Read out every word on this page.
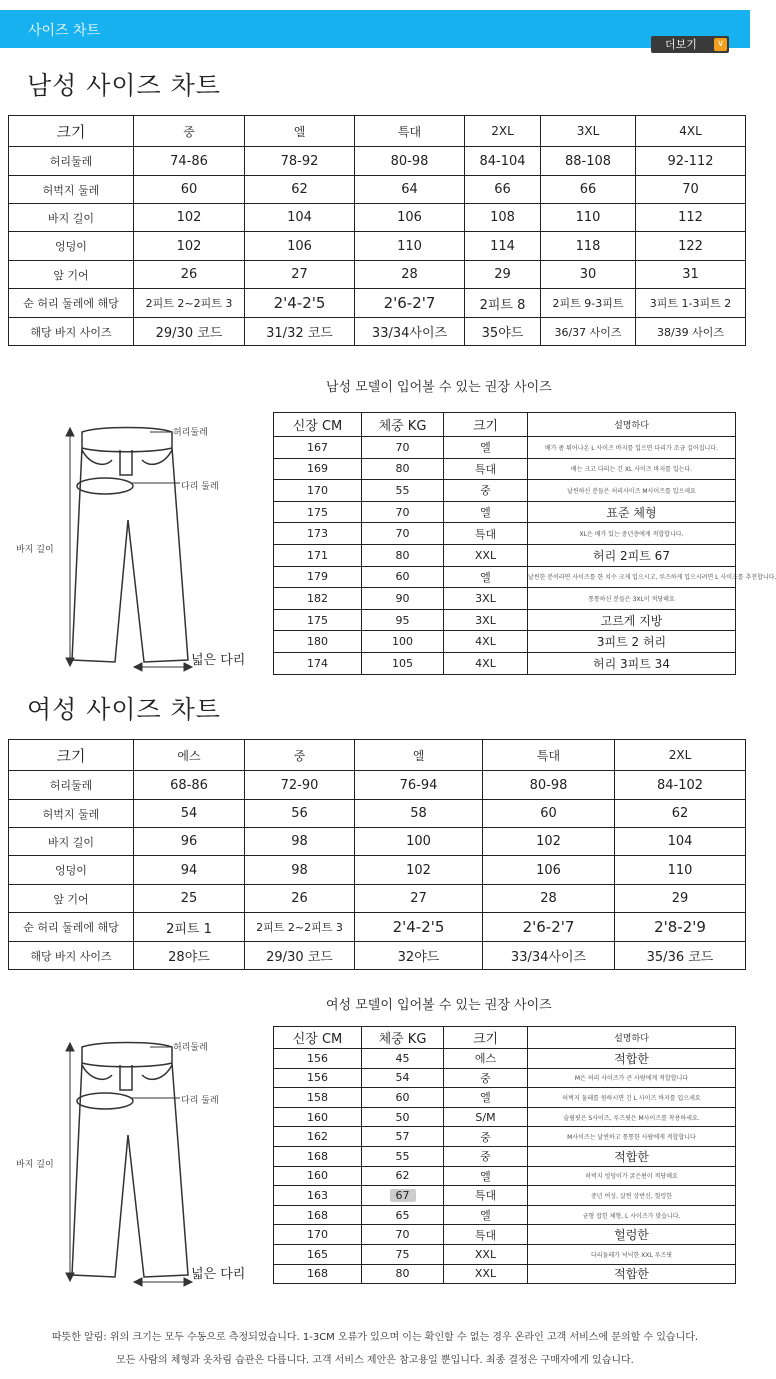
사이즈 차트
더보기	∨
남성 사이즈 차트
크기	중	엘	특대	2XL	3XL	4XL
허리둘레	74-86	78-92	80-98	84-104	88-108	92-112
허벅지 둘레	60	62	64	66	66	70
바지 길이	102	104	106	108	110	112
엉덩이	102	106	110	114	118	122
앞 기어	26	27	28	29	30	31
순 허리 둘레에 해당	2피트 2~2피트 3	2'4-2'5	2'6-2'7	2피트 8	2피트 9-3피트	3피트 1-3피트 2
해당 바지 사이즈	29/30 코드	31/32 코드	33/34사이즈	35야드	36/37 사이즈	38/39 사이즈
남성 모델이 입어볼 수 있는 권장 사이즈
허리둘레
다리 둘레
바지 길이
넓은 다리
신장 CM	체중 KG	크기	설명하다
167	70	엘	배가 좀 튀어나온 L 사이즈 바지를 입으면 다리가 조금 길어집니다.
169	80	특대	배는 크고 다리는 긴 XL 사이즈 바지를 입는다.
170	55	중	날씬하신 분들은 허리사이즈 M사이즈를 입으세요
175	70	엘	표준 체형
173	70	특대	XL은 배가 있는 중년층에게 적합합니다.
171	80	XXL	허리 2피트 67
179	60	엘	날씬한 분이라면 사이즈를 한 치수 크게 입으시고, 루즈하게 입으시려면 L 사이즈를 추천합니다.
182	90	3XL	통통하신 분들은 3XL이 적당해요
175	95	3XL	고르게 지방
180	100	4XL	3피트 2 허리
174	105	4XL	허리 3피트 34
여성 사이즈 차트
크기	에스	중	엘	특대	2XL
허리둘레	68-86	72-90	76-94	80-98	84-102
허벅지 둘레	54	56	58	60	62
바지 길이	96	98	100	102	104
엉덩이	94	98	102	106	110
앞 기어	25	26	27	28	29
순 허리 둘레에 해당	2피트 1	2피트 2~2피트 3	2'4-2'5	2'6-2'7	2'8-2'9
해당 바지 사이즈	28야드	29/30 코드	32야드	33/34사이즈	35/36 코드
여성 모델이 입어볼 수 있는 권장 사이즈
허리둘레
다리 둘레
바지 길이
넓은 다리
신장 CM	체중 KG	크기	설명하다
156	45	에스	적합한
156	54	중	M은 허리 사이즈가 큰 사람에게 적합합니다
158	60	엘	허벅지 둘레를 원하시면 긴 L 사이즈 바지를 입으세요
160	50	S/M	슬림핏은 S사이즈, 루즈핏은 M사이즈를 착용하세요.
162	57	중	M사이즈는 날씬하고 통통한 사람에게 적합합니다
168	55	중	적합한
160	62	엘	허벅지 엉덩이가 굵은편이 적당해요
163	67	특대	중년 여성, 살찐 상반신, 헐렁한
168	65	엘	균형 잡힌 체형, L 사이즈가 맞습니다.
170	70	특대	헐렁한
165	75	XXL	다리둘레가 넉넉한 XXL 루즈핏
168	80	XXL	적합한
따뜻한 알림: 위의 크기는 모두 수동으로 측정되었습니다. 1-3CM 오류가 있으며 이는 확인할 수 없는 경우 온라인 고객 서비스에 문의할 수 있습니다.
모든 사람의 체형과 옷차림 습관은 다릅니다. 고객 서비스 제안은 참고용일 뿐입니다. 최종 결정은 구매자에게 있습니다.
